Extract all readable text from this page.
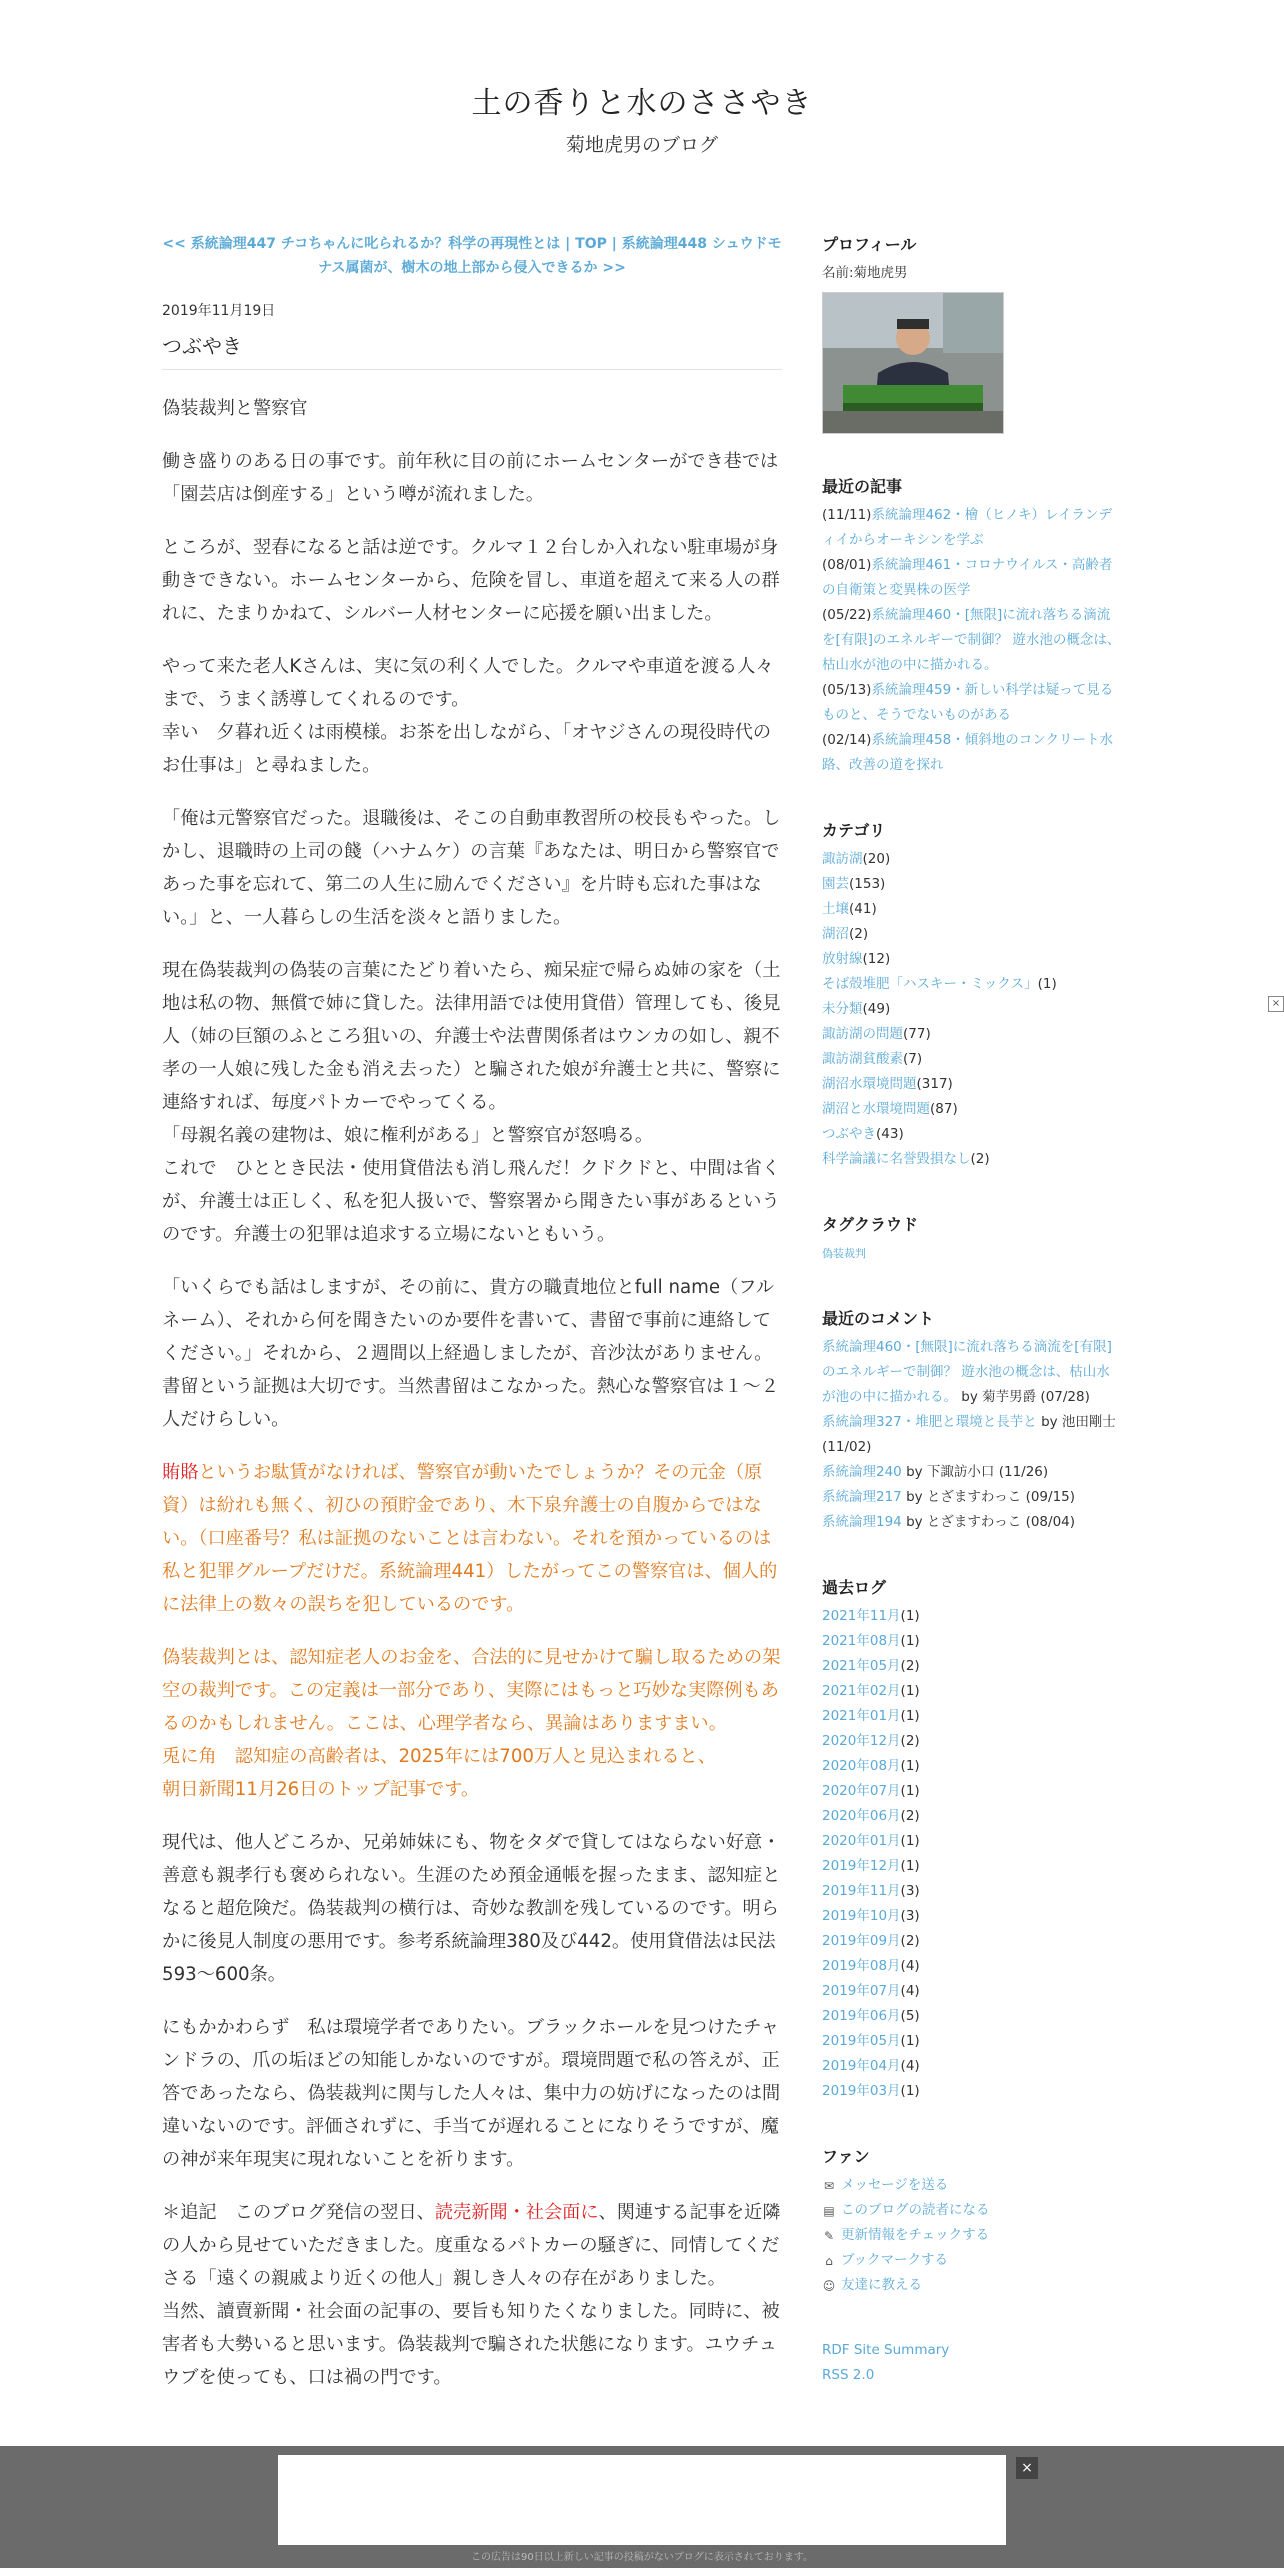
土の香りと水のささやき
菊地虎男のブログ
<< 系統論理447 チコちゃんに叱られるか？科学の再現性とは | TOP | 系統論理448 シュウドモナス属菌が、樹木の地上部から侵入できるか >>
2019年11月19日
つぶやき

偽装裁判と警察官

働き盛りのある日の事です。前年秋に目の前にホームセンターができ巷では「園芸店は倒産する」という噂が流れました。

ところが、翌春になると話は逆です。クルマ１２台しか入れない駐車場が身動きできない。ホームセンターから、危険を冒し、車道を超えて来る人の群れに、たまりかねて、シルバー人材センターに応援を願い出ました。

やって来た老人Kさんは、実に気の利く人でした。クルマや車道を渡る人々まで、うまく誘導してくれるのです。
幸い　夕暮れ近くは雨模様。お茶を出しながら、「オヤジさんの現役時代のお仕事は」と尋ねました。

「俺は元警察官だった。退職後は、そこの自動車教習所の校長もやった。しかし、退職時の上司の餞（ハナムケ）の言葉『あなたは、明日から警察官であった事を忘れて、第二の人生に励んでください』を片時も忘れた事はない。」と、一人暮らしの生活を淡々と語りました。

現在偽装裁判の偽装の言葉にたどり着いたら、痴呆症で帰らぬ姉の家を（土地は私の物、無償で姉に貸した。法律用語では使用貸借）管理しても、後見人（姉の巨額のふところ狙いの、弁護士や法曹関係者はウンカの如し、親不孝の一人娘に残した金も消え去った）と騙された娘が弁護士と共に、警察に連絡すれば、毎度パトカーでやってくる。
「母親名義の建物は、娘に権利がある」と警察官が怒鳴る。
これで　ひととき民法・使用貸借法も消し飛んだ！クドクドと、中間は省くが、弁護士は正しく、私を犯人扱いで、警察署から聞きたい事があるというのです。弁護士の犯罪は追求する立場にないともいう。

「いくらでも話はしますが、その前に、貴方の職責地位とfull name（フルネーム）、それから何を聞きたいのか要件を書いて、書留で事前に連絡してください。」それから、２週間以上経過しましたが、音沙汰がありません。書留という証拠は大切です。当然書留はこなかった。熱心な警察官は１～２人だけらしい。

賄賂というお駄賃がなければ、警察官が動いたでしょうか？その元金（原資）は紛れも無く、初ひの預貯金であり、木下泉弁護士の自腹からではない。（口座番号？私は証拠のないことは言わない。それを預かっているのは私と犯罪グループだけだ。系統論理441）したがってこの警察官は、個人的に法律上の数々の誤ちを犯しているのです。

偽装裁判とは、認知症老人のお金を、合法的に見せかけて騙し取るための架空の裁判です。この定義は一部分であり、実際にはもっと巧妙な実際例もあるのかもしれません。ここは、心理学者なら、異論はありますまい。
兎に角　認知症の高齢者は、2025年には700万人と見込まれると、
朝日新聞11月26日のトップ記事です。

現代は、他人どころか、兄弟姉妹にも、物をタダで貸してはならない好意・善意も親孝行も褒められない。生涯のため預金通帳を握ったまま、認知症となると超危険だ。偽装裁判の横行は、奇妙な教訓を残しているのです。明らかに後見人制度の悪用です。参考系統論理380及び442。使用貸借法は民法593～600条。

にもかかわらず　私は環境学者でありたい。ブラックホールを見つけたチャンドラの、爪の垢ほどの知能しかないのですが。環境問題で私の答えが、正答であったなら、偽装裁判に関与した人々は、集中力の妨げになったのは間違いないのです。評価されずに、手当てが遅れることになりそうですが、魔の神が来年現実に現れないことを祈ります。

＊追記　このブログ発信の翌日、読売新聞・社会面に、関連する記事を近隣の人から見せていただきました。度重なるパトカーの騒ぎに、同情してくださる「遠くの親戚より近くの他人」親しき人々の存在がありました。
当然、讀賣新聞・社会面の記事の、要旨も知りたくなりました。同時に、被害者も大勢いると思います。偽装裁判で騙された状態になります。ユウチュウブを使っても、口は禍の門です。

プロフィール
名前:菊地虎男
最近の記事
(11/11)系統論理462・檜（ヒノキ）レイランディイからオーキシンを学ぶ
(08/01)系統論理461・コロナウイルス・高齢者の自衛策と変異株の医学
(05/22)系統論理460・[無限]に流れ落ちる滴流を[有限]のエネルギーで制御？ 遊水池の概念は、枯山水が池の中に描かれる。
(05/13)系統論理459・新しい科学は疑って見るものと、そうでないものがある
(02/14)系統論理458・傾斜地のコンクリート水路、改善の道を探れ
カテゴリ
諏訪湖(20)
園芸(153)
土壌(41)
湖沼(2)
放射線(12)
そば殻堆肥「ハスキー・ミックス」(1)
未分類(49)
諏訪湖の問題(77)
諏訪湖貧酸素(7)
湖沼水環境問題(317)
湖沼と水環境問題(87)
つぶやき(43)
科学論議に名誉毀損なし(2)
タグクラウド
偽装裁判
最近のコメント
系統論理460・[無限]に流れ落ちる滴流を[有限]のエネルギーで制御？ 遊水池の概念は、枯山水が池の中に描かれる。 by 菊芋男爵 (07/28)
系統論理327・堆肥と環境と長芋と by 池田剛士 (11/02)
系統論理240 by 下諏訪小口 (11/26)
系統論理217 by とざますわっこ (09/15)
系統論理194 by とざますわっこ (08/04)
過去ログ
2021年11月(1)
2021年08月(1)
2021年05月(2)
2021年02月(1)
2021年01月(1)
2020年12月(2)
2020年08月(1)
2020年07月(1)
2020年06月(2)
2020年01月(1)
2019年12月(1)
2019年11月(3)
2019年10月(3)
2019年09月(2)
2019年08月(4)
2019年07月(4)
2019年06月(5)
2019年05月(1)
2019年04月(4)
2019年03月(1)
ファン
✉ メッセージを送る
▤ このブログの読者になる
✎ 更新情報をチェックする
⌂ ブックマークする
☺ 友達に教える
RDF Site Summary
RSS 2.0
×
×
この広告は90日以上新しい記事の投稿がないブログに表示されております。
